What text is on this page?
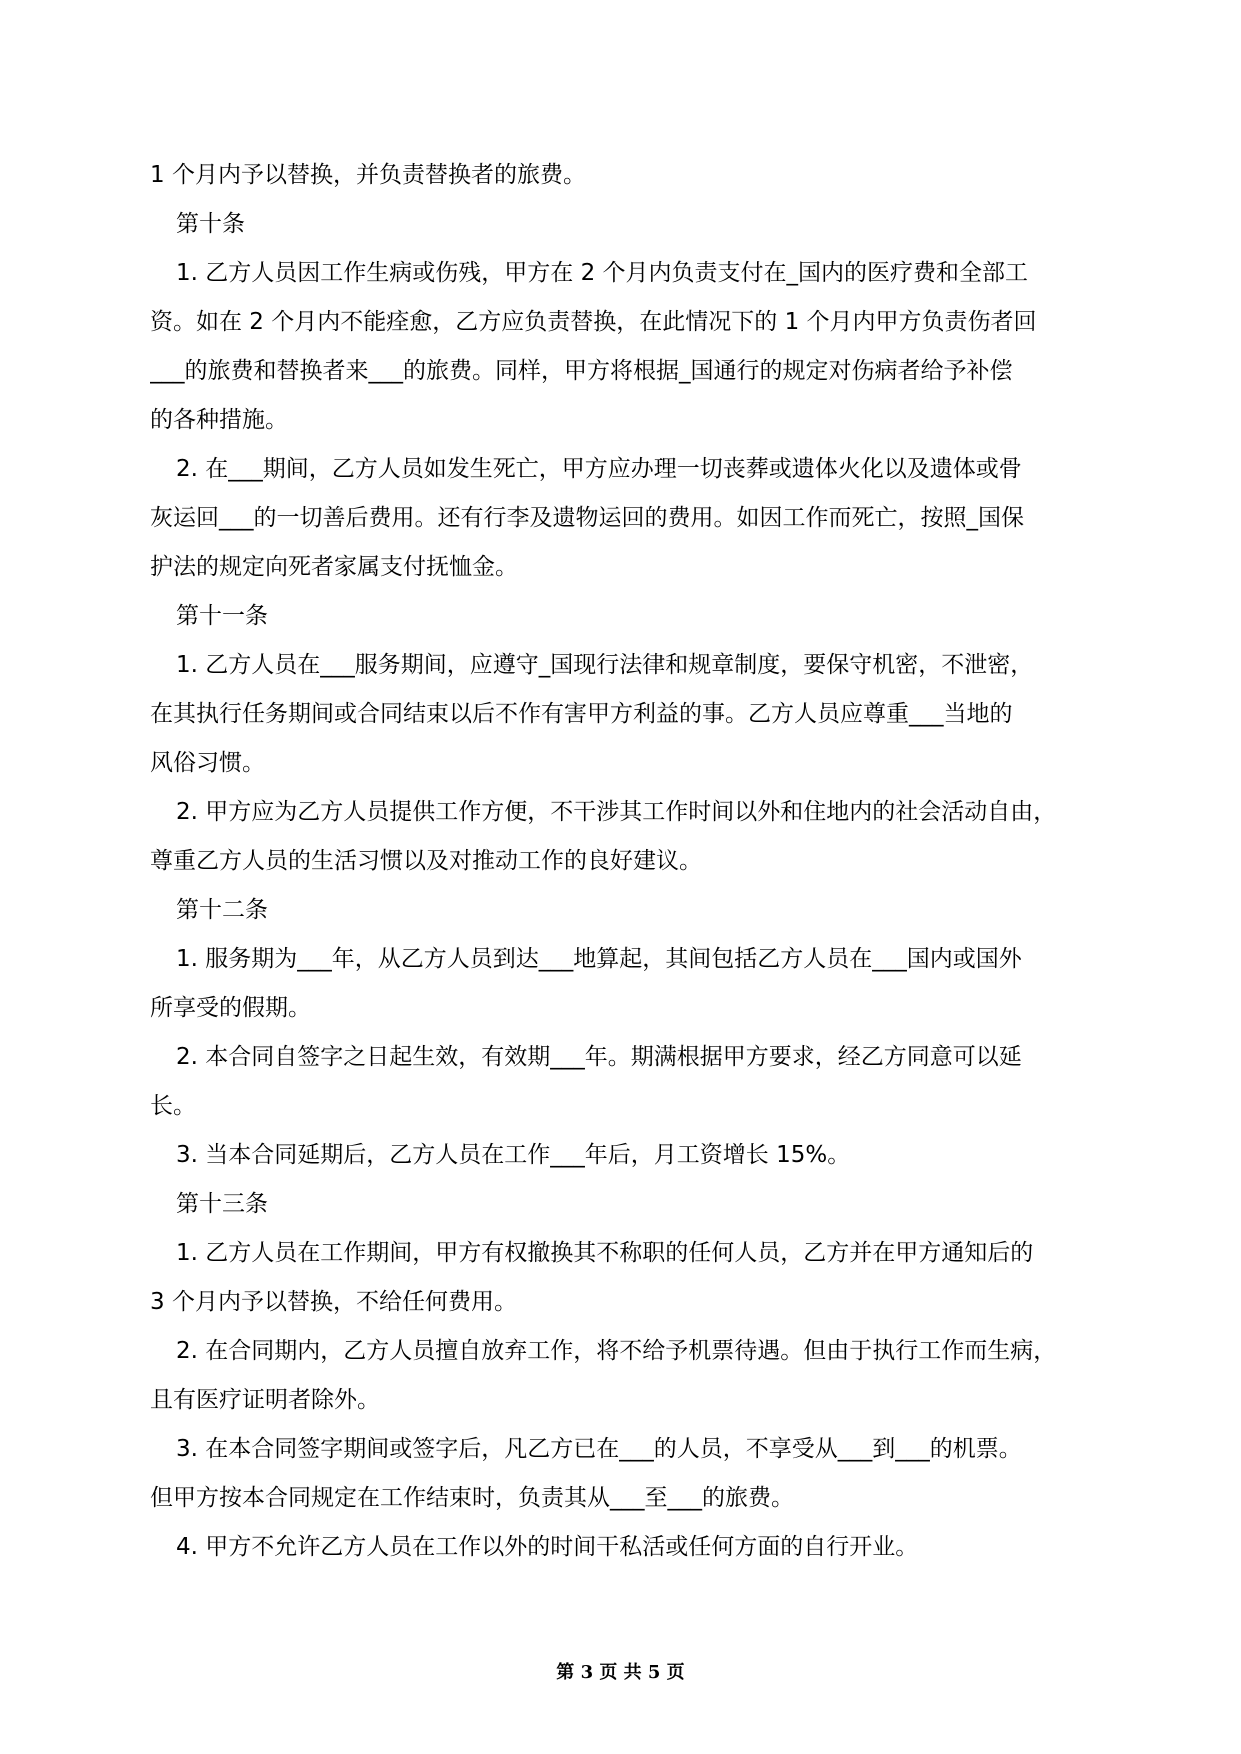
1 个月内予以替换，并负责替换者的旅费。
第十条
1. 乙方人员因工作生病或伤残，甲方在 2 个月内负责支付在_国内的医疗费和全部工
资。如在 2 个月内不能痊愈，乙方应负责替换，在此情况下的 1 个月内甲方负责伤者回
___的旅费和替换者来___的旅费。同样，甲方将根据_国通行的规定对伤病者给予补偿
的各种措施。
2. 在___期间，乙方人员如发生死亡，甲方应办理一切丧葬或遗体火化以及遗体或骨
灰运回___的一切善后费用。还有行李及遗物运回的费用。如因工作而死亡，按照_国保
护法的规定向死者家属支付抚恤金。
第十一条
1. 乙方人员在___服务期间，应遵守_国现行法律和规章制度，要保守机密，不泄密，
在其执行任务期间或合同结束以后不作有害甲方利益的事。乙方人员应尊重___当地的
风俗习惯。
2. 甲方应为乙方人员提供工作方便，不干涉其工作时间以外和住地内的社会活动自由，
尊重乙方人员的生活习惯以及对推动工作的良好建议。
第十二条
1. 服务期为___年，从乙方人员到达___地算起，其间包括乙方人员在___国内或国外
所享受的假期。
2. 本合同自签字之日起生效，有效期___年。期满根据甲方要求，经乙方同意可以延
长。
3. 当本合同延期后，乙方人员在工作___年后，月工资增长 15%。
第十三条
1. 乙方人员在工作期间，甲方有权撤换其不称职的任何人员，乙方并在甲方通知后的
3 个月内予以替换，不给任何费用。
2. 在合同期内，乙方人员擅自放弃工作，将不给予机票待遇。但由于执行工作而生病，
且有医疗证明者除外。
3. 在本合同签字期间或签字后，凡乙方已在___的人员，不享受从___到___的机票。
但甲方按本合同规定在工作结束时，负责其从___至___的旅费。
4. 甲方不允许乙方人员在工作以外的时间干私活或任何方面的自行开业。
第 3 页 共 5 页
